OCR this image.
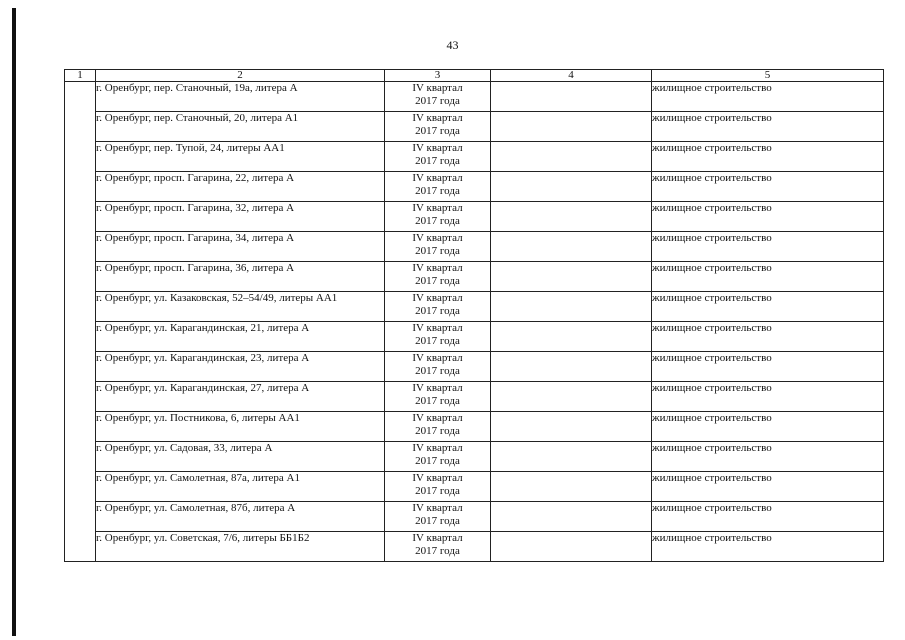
43
1	2	3	4	5
	г. Оренбург, пер. Станочный, 19а, литера А	IV квартал
2017 года		жилищное строительство
	г. Оренбург, пер. Станочный, 20, литера А1	IV квартал
2017 года		жилищное строительство
	г. Оренбург, пер. Тупой, 24, литеры АА1	IV квартал
2017 года		жилищное строительство
	г. Оренбург, просп. Гагарина, 22, литера А	IV квартал
2017 года		жилищное строительство
	г. Оренбург, просп. Гагарина, 32, литера А	IV квартал
2017 года		жилищное строительство
	г. Оренбург, просп. Гагарина, 34, литера А	IV квартал
2017 года		жилищное строительство
	г. Оренбург, просп. Гагарина, 36, литера А	IV квартал
2017 года		жилищное строительство
	г. Оренбург, ул. Казаковская, 52–54/49, литеры АА1	IV квартал
2017 года		жилищное строительство
	г. Оренбург, ул. Карагандинская, 21, литера А	IV квартал
2017 года		жилищное строительство
	г. Оренбург, ул. Карагандинская, 23, литера А	IV квартал
2017 года		жилищное строительство
	г. Оренбург, ул. Карагандинская, 27, литера А	IV квартал
2017 года		жилищное строительство
	г. Оренбург, ул. Постникова, 6, литеры АА1	IV квартал
2017 года		жилищное строительство
	г. Оренбург, ул. Садовая, 33, литера А	IV квартал
2017 года		жилищное строительство
	г. Оренбург, ул. Самолетная, 87а, литера А1	IV квартал
2017 года		жилищное строительство
	г. Оренбург, ул. Самолетная, 87б, литера А	IV квартал
2017 года		жилищное строительство
	г. Оренбург, ул. Советская, 7/6, литеры ББ1Б2	IV квартал
2017 года		жилищное строительство
